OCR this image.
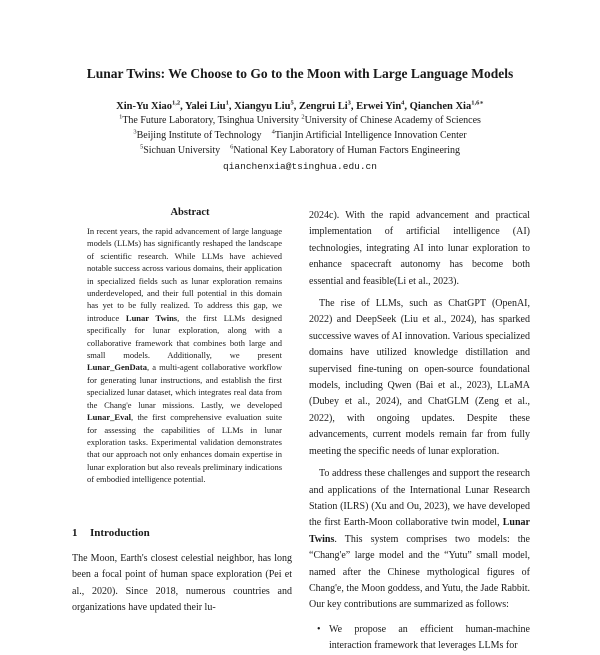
Lunar Twins: We Choose to Go to the Moon with Large Language Models
Xin-Yu Xiao$^{1,2}$, Yalei Liu$^1$, Xiangyu Liu$^5$, Zengrui Li$^3$, Erwei Yin$^4$, Qianchen Xia$^{1,6∗}$
$^1$The Future Laboratory, Tsinghua University $^2$University of Chinese Academy of Sciences
$^3$Beijing Institute of Technology    $^4$Tianjin Artificial Intelligence Innovation Center
$^5$Sichuan University    $^6$National Key Laboratory of Human Factors Engineering
qianchenxia@tsinghua.edu.cn
Abstract
In recent years, the rapid advancement of large language models (LLMs) has significantly reshaped the landscape of scientific research. While LLMs have achieved notable success across various domains, their application in specialized fields such as lunar exploration remains underdeveloped, and their full potential in this domain has yet to be fully realized. To address this gap, we introduce Lunar Twins, the first LLMs designed specifically for lunar exploration, along with a collaborative framework that combines both large and small models. Additionally, we present Lunar_GenData, a multi-agent collaborative workflow for generating lunar instructions, and establish the first specialized lunar dataset, which integrates real data from the Chang'e lunar missions. Lastly, we developed Lunar_Eval, the first comprehensive evaluation suite for assessing the capabilities of LLMs in lunar exploration tasks. Experimental validation demonstrates that our approach not only enhances domain expertise in lunar exploration but also reveals preliminary indications of embodied intelligence potential.
1 Introduction
The Moon, Earth's closest celestial neighbor, has long been a focal point of human space exploration (Pei et al., 2020). Since 2018, numerous countries and organizations have updated their lu-

2024c). With the rapid advancement and practical implementation of artificial intelligence (AI) technologies, integrating AI into lunar exploration to enhance spacecraft autonomy has become both essential and feasible(Li et al., 2023).

The rise of LLMs, such as ChatGPT (OpenAI, 2022) and DeepSeek (Liu et al., 2024), has sparked successive waves of AI innovation. Various specialized domains have utilized knowledge distillation and supervised fine-tuning on open-source foundational models, including Qwen (Bai et al., 2023), LLaMA (Dubey et al., 2024), and ChatGLM (Zeng et al., 2022), with ongoing updates. Despite these advancements, current models remain far from fully meeting the specific needs of lunar exploration.

To address these challenges and support the research and applications of the International Lunar Research Station (ILRS) (Xu and Ou, 2023), we have developed the first Earth-Moon collaborative twin model, Lunar Twins. This system comprises two models: the “Chang'e” large model and the “Yutu” small model, named after the Chinese mythological figures of Chang'e, the Moon goddess, and Yutu, the Jade Rabbit. Our key contributions are summarized as follows:

• We propose an efficient human-machine interaction framework that leverages LLMs for
